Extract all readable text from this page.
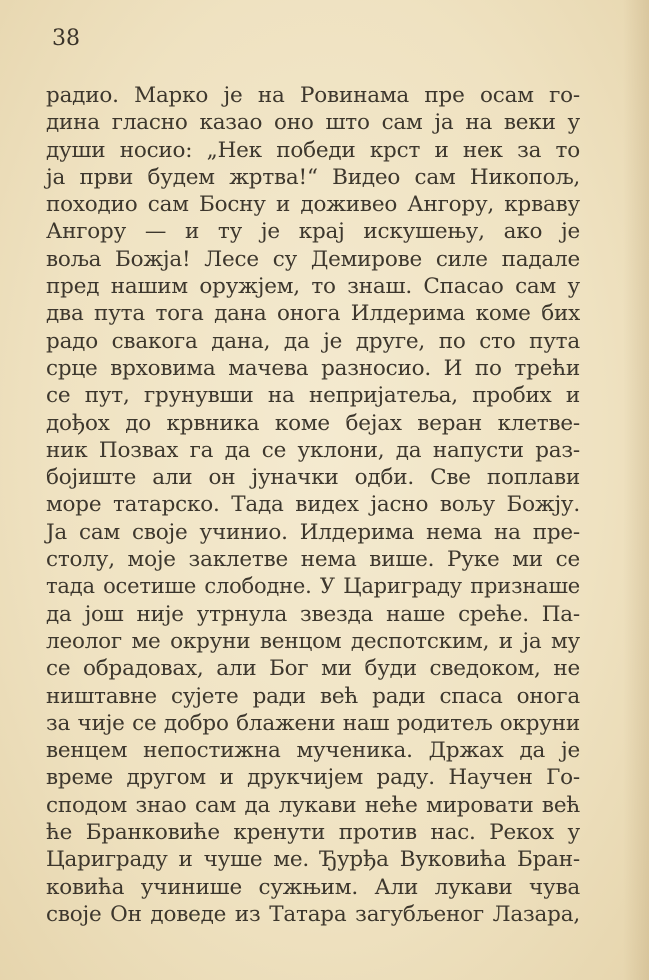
38
радио. Марко је на Ровинама пре осам го-
дина гласно казао оно што сам ја на веки у
души носио: „Нек победи крст и нек за то
ја први будем жртва!“ Видео сам Никопољ,
походио сам Босну и доживео Ангору, крваву
Ангору — и ту је крај искушењу, ако је
воља Божја! Лесе су Демирове силе падале
пред нашим оружјем, то знаш. Спасао сам у
два пута тога дана онога Илдерима коме бих
радо свакога дана, да је друге, по сто пута
срце врховима мачева разносио. И по трећи
се пут, грунувши на непријатеља, пробих и
дођох до крвника коме бејах веран клетве-
ник Позвах га да се уклони, да напусти раз-
бојиште али он јуначки одби. Све поплави
море татарско. Тада видех јасно вољу Божју.
Ја сам своје учинио. Илдерима нема на пре-
столу, моје заклетве нема више. Руке ми се
тада осетише слободне. У Цариграду признаше
да још није утрнула звезда наше среће. Па-
леолог ме окруни венцом деспотским, и ја му
се обрадовах, али Бог ми буди сведоком, не
ништавне сујете ради већ ради спаса онога
за чије се добро блажени наш родитељ окруни
венцем непостижна мученика. Држах да је
време другом и друкчијем раду. Научен Го-
сподом знао сам да лукави неће мировати већ
ће Бранковиће кренути против нас. Рекох у
Цариграду и чуше ме. Ђурђа Вуковића Бран-
ковића учинише сужњим. Али лукави чува
своје Он доведе из Татара загубљеног Лазара,
